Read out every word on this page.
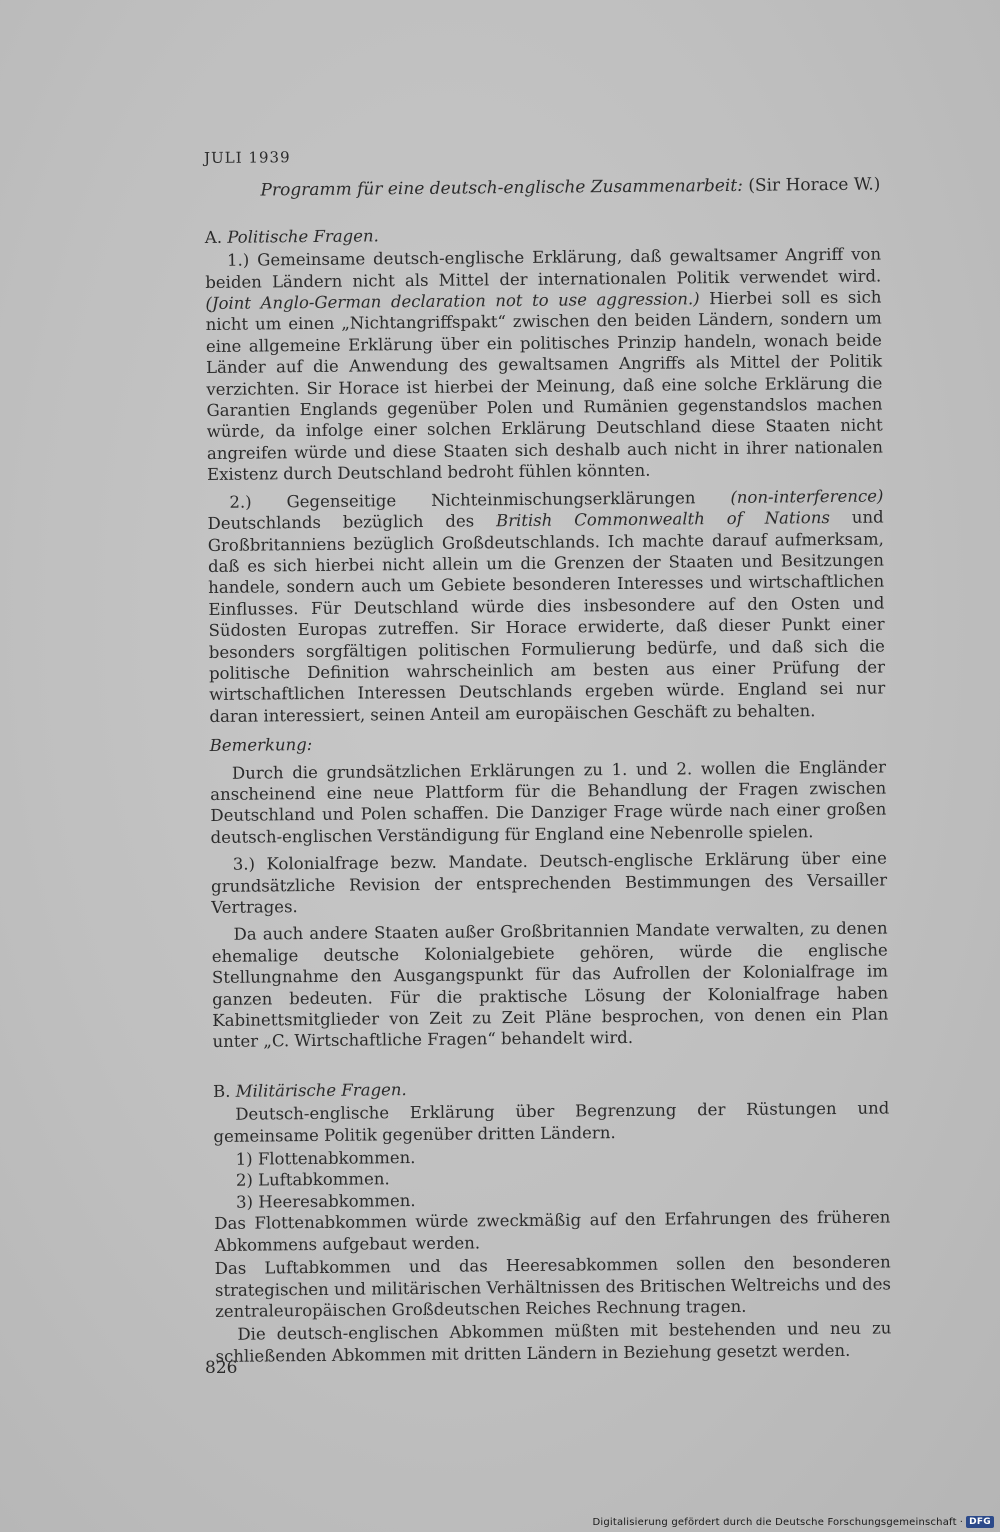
JULI 1939
Programm für eine deutsch-englische Zusammenarbeit: (Sir Horace W.)
A. Politische Fragen.

1.) Gemeinsame deutsch-englische Erklärung, daß gewaltsamer Angriff von beiden Ländern nicht als Mittel der internationalen Politik verwendet wird. (Joint Anglo-German declaration not to use aggression.) Hierbei soll es sich nicht um einen „Nichtangriffspakt“ zwischen den beiden Ländern, sondern um eine allgemeine Erklärung über ein politisches Prinzip handeln, wonach beide Länder auf die Anwendung des gewaltsamen Angriffs als Mittel der Politik verzichten. Sir Horace ist hierbei der Meinung, daß eine solche Erklärung die Garantien Englands gegenüber Polen und Rumänien gegenstandslos machen würde, da infolge einer solchen Erklärung Deutschland diese Staaten nicht angreifen würde und diese Staaten sich deshalb auch nicht in ihrer nationalen Existenz durch Deutschland bedroht fühlen könnten.

2.) Gegenseitige Nichteinmischungserklärungen (non-interference) Deutschlands bezüglich des British Commonwealth of Nations und Großbritanniens bezüglich Großdeutschlands. Ich machte darauf aufmerksam, daß es sich hierbei nicht allein um die Grenzen der Staaten und Besitzungen handele, sondern auch um Gebiete besonderen Interesses und wirtschaftlichen Einflusses. Für Deutschland würde dies insbesondere auf den Osten und Südosten Europas zutreffen. Sir Horace erwiderte, daß dieser Punkt einer besonders sorgfältigen politischen Formulierung bedürfe, und daß sich die politische Definition wahrscheinlich am besten aus einer Prüfung der wirtschaftlichen Interessen Deutschlands ergeben würde. England sei nur daran interessiert, seinen Anteil am europäischen Geschäft zu behalten.

Bemerkung:

Durch die grundsätzlichen Erklärungen zu 1. und 2. wollen die Engländer anscheinend eine neue Plattform für die Behandlung der Fragen zwischen Deutschland und Polen schaffen. Die Danziger Frage würde nach einer großen deutsch-englischen Verständigung für England eine Nebenrolle spielen.

3.) Kolonialfrage bezw. Mandate. Deutsch-englische Erklärung über eine grundsätzliche Revision der entsprechenden Bestimmungen des Versailler Vertrages.

Da auch andere Staaten außer Großbritannien Mandate verwalten, zu denen ehemalige deutsche Kolonialgebiete gehören, würde die englische Stellungnahme den Ausgangspunkt für das Aufrollen der Kolonialfrage im ganzen bedeuten. Für die praktische Lösung der Kolonialfrage haben Kabinettsmitglieder von Zeit zu Zeit Pläne besprochen, von denen ein Plan unter „C. Wirtschaftliche Fragen“ behandelt wird.

B. Militärische Fragen.

Deutsch-englische Erklärung über Begrenzung der Rüstungen und gemeinsame Politik gegenüber dritten Ländern.

1) Flottenabkommen.
2) Luftabkommen.
3) Heeresabkommen.

Das Flottenabkommen würde zweckmäßig auf den Erfahrungen des früheren Abkommens aufgebaut werden.

Das Luftabkommen und das Heeresabkommen sollen den besonderen strategischen und militärischen Verhältnissen des Britischen Weltreichs und des zentraleuropäischen Großdeutschen Reiches Rechnung tragen.

Die deutsch-englischen Abkommen müßten mit bestehenden und neu zu schließenden Abkommen mit dritten Ländern in Beziehung gesetzt werden.

826
Digitalisierung gefördert durch die Deutsche Forschungsgemeinschaft · DFG
